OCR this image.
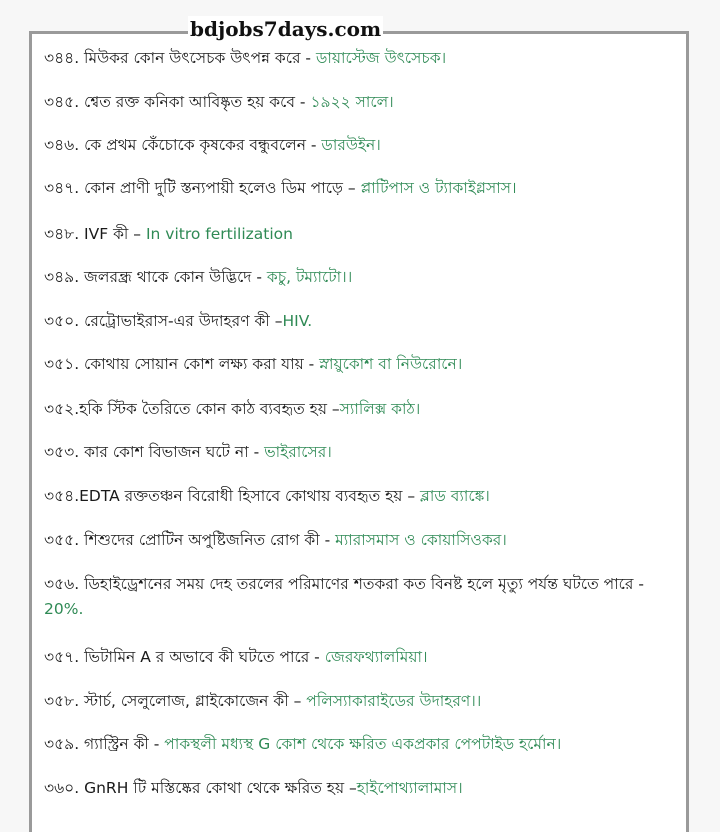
bdjobs7days.com
৩৪৪. মিউকর কোন উৎসেচক উৎপন্ন করে - ডায়াস্টেজ উৎসেচক।
৩৪৫. শ্বেত রক্ত কনিকা আবিষ্কৃত হয় কবে - ১৯২২ সালে।
৩৪৬. কে প্রথম কেঁচোকে কৃষকের বন্ধুবলেন - ডারউইন।
৩৪৭. কোন প্রাণী দুটি স্তন্যপায়ী হলেও ডিম পাড়ে – প্লাটিপাস ও ট্যাকাইগ্লসাস।
৩৪৮. IVF কী – In vitro fertilization
৩৪৯. জলরন্ধ্র থাকে কোন উদ্ভিদে - কচু, টম্যাটো।।
৩৫০. রেট্রোভাইরাস-এর উদাহরণ কী –HIV.
৩৫১. কোথায় সোয়ান কোশ লক্ষ্য করা যায় - স্নায়ুকোশ বা নিউরোনে।
৩৫২.হকি স্টিক তৈরিতে কোন কাঠ ব্যবহৃত হয় –স্যালিক্স কাঠ।
৩৫৩. কার কোশ বিভাজন ঘটে না - ভাইরাসের।
৩৫৪.EDTA রক্ততঞ্চন বিরোধী হিসাবে কোথায় ব্যবহৃত হয় – ব্লাড ব্যাঙ্কে।
৩৫৫. শিশুদের প্রোটিন অপুষ্টিজনিত রোগ কী - ম্যারাসমাস ও কোয়াসিওকর।
৩৫৬. ডিহাইড্রেশনের সময় দেহ তরলের পরিমাণের শতকরা কত বিনষ্ট হলে মৃত্যু পর্যন্ত ঘটতে পারে - 20%.
৩৫৭. ভিটামিন A র অভাবে কী ঘটতে পারে - জেরফথ্যালমিয়া।
৩৫৮. স্টার্চ, সেলুলোজ, গ্লাইকোজেন কী – পলিস্যাকারাইডের উদাহরণ।।
৩৫৯. গ্যাস্ট্রিন কী - পাকস্থলী মধ্যস্থ G কোশ থেকে ক্ষরিত একপ্রকার পেপটাইড হর্মোন।
৩৬০. GnRH টি মস্তিষ্কের কোথা থেকে ক্ষরিত হয় –হাইপোথ্যালামাস।
